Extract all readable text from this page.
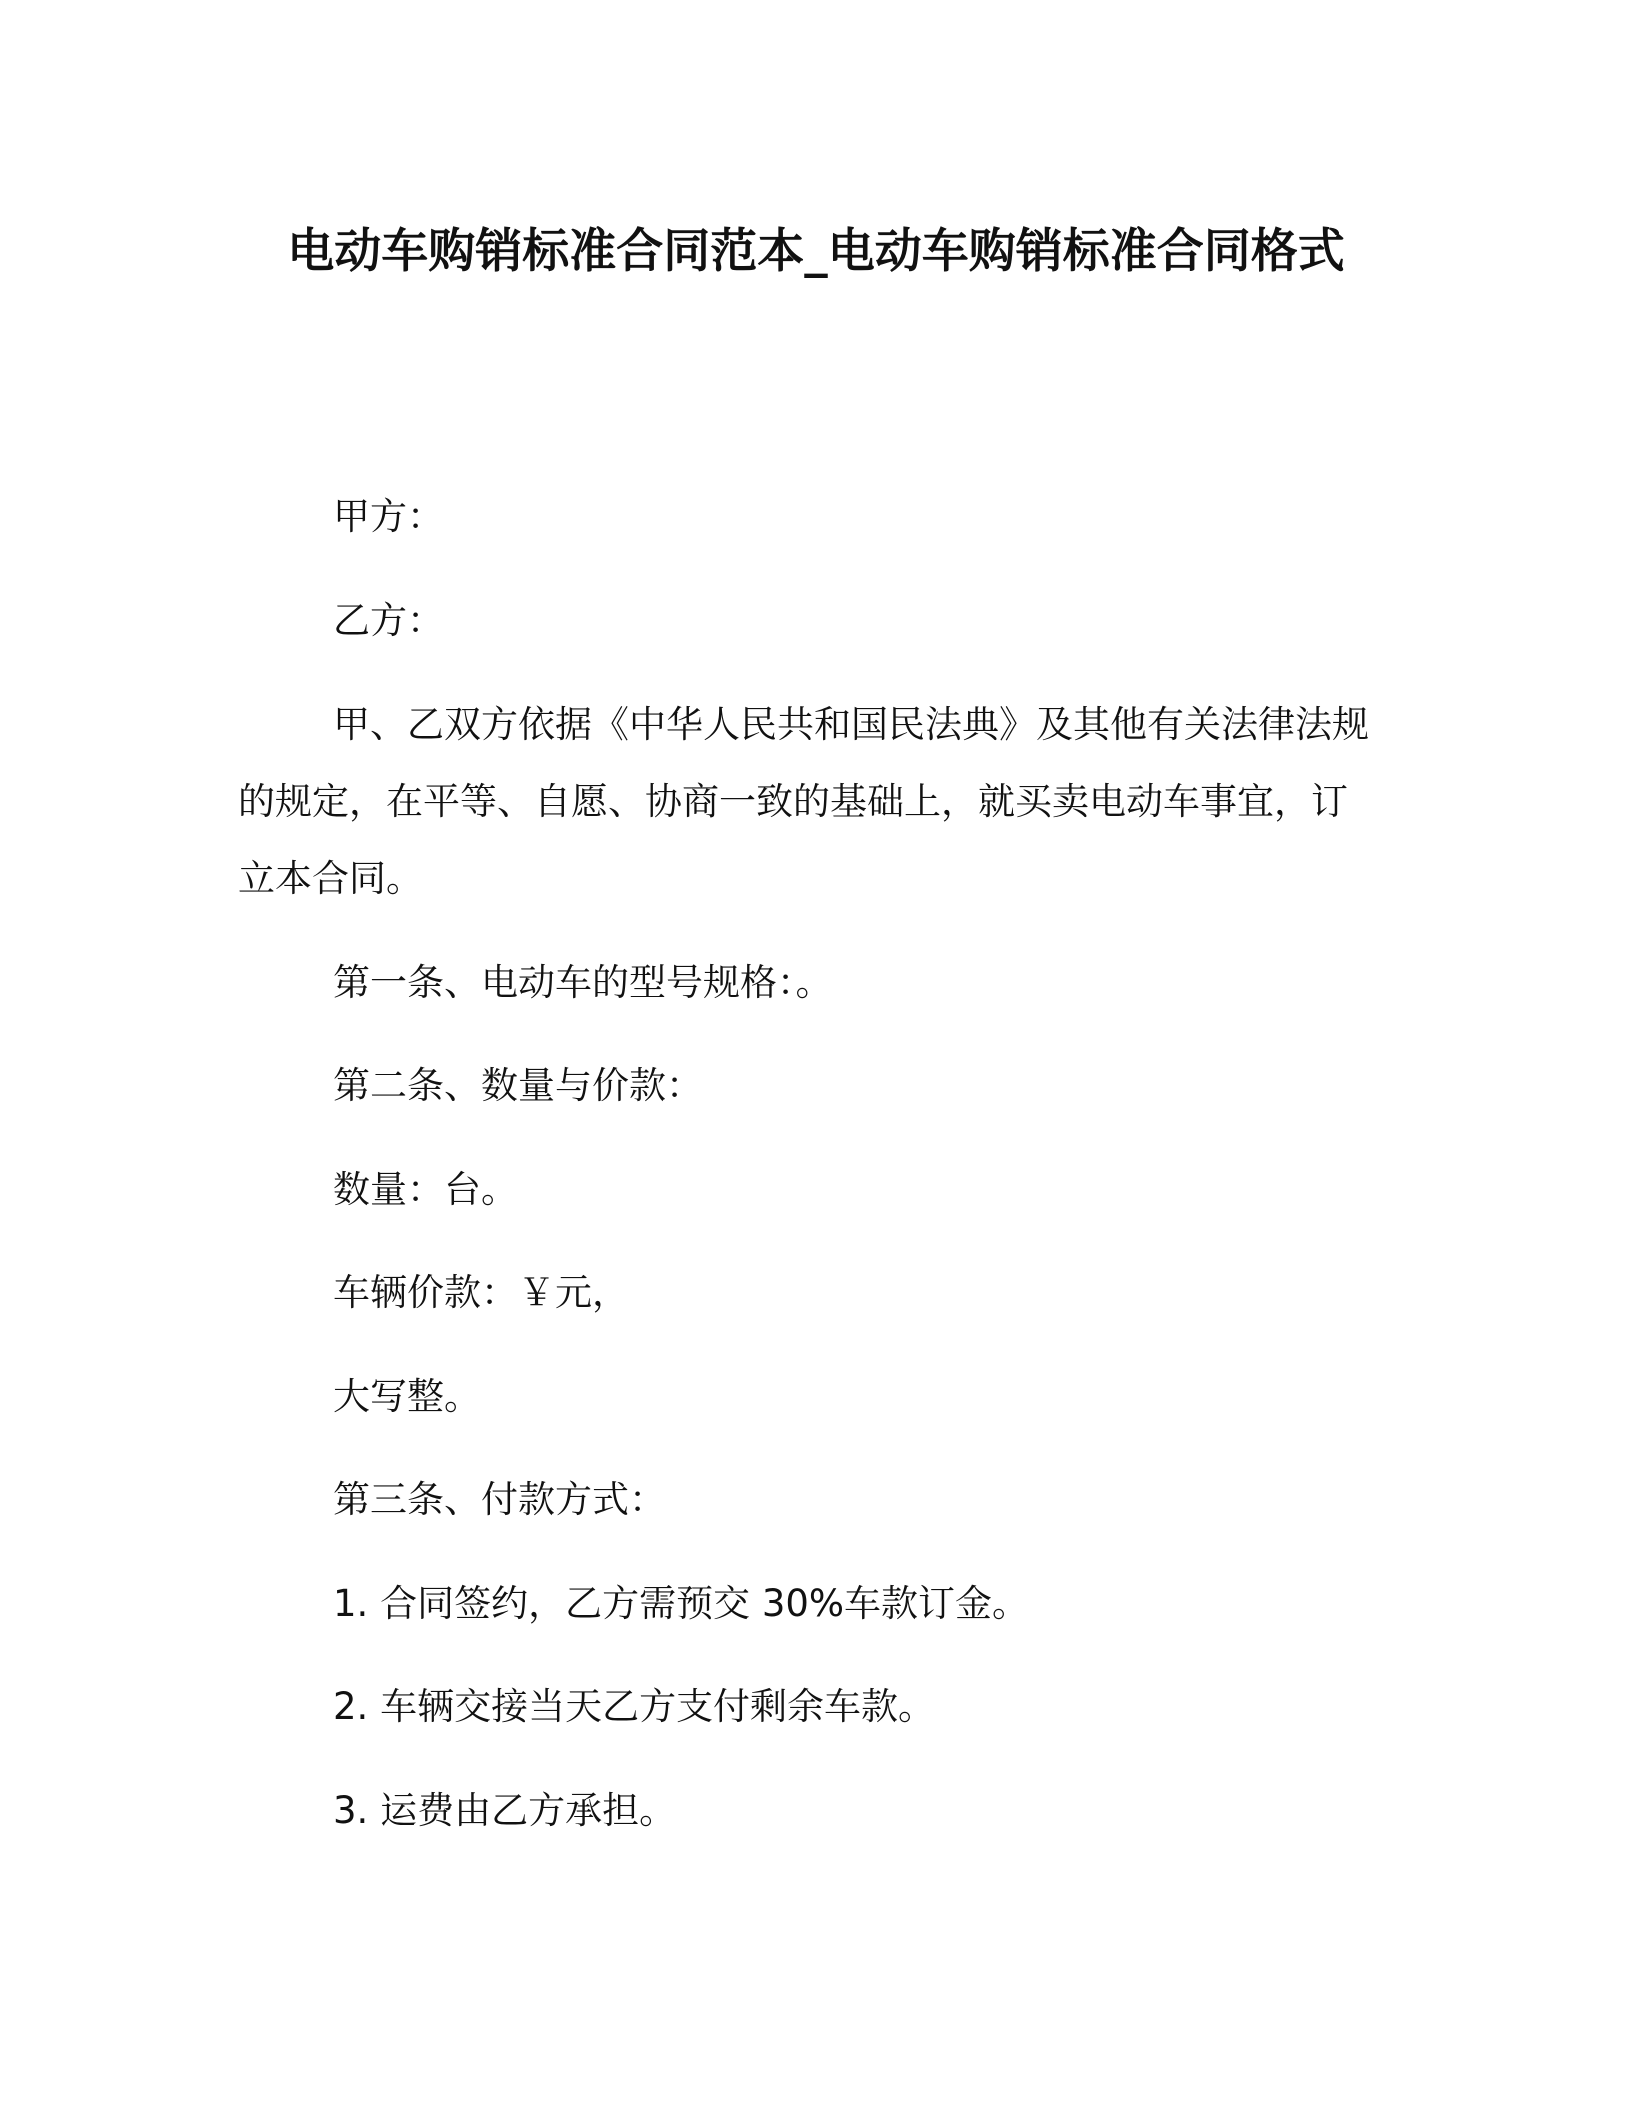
电动车购销标准合同范本_电动车购销标准合同格式
甲方：
乙方：
甲、乙双方依据《中华人民共和国民法典》及其他有关法律法规
的规定，在平等、自愿、协商一致的基础上，就买卖电动车事宜，订
立本合同。
第一条、电动车的型号规格：。
第二条、数量与价款：
数量：台。
车辆价款：￥元，
大写整。
第三条、付款方式：
1. 合同签约，乙方需预交 30%车款订金。
2. 车辆交接当天乙方支付剩余车款。
3. 运费由乙方承担。
